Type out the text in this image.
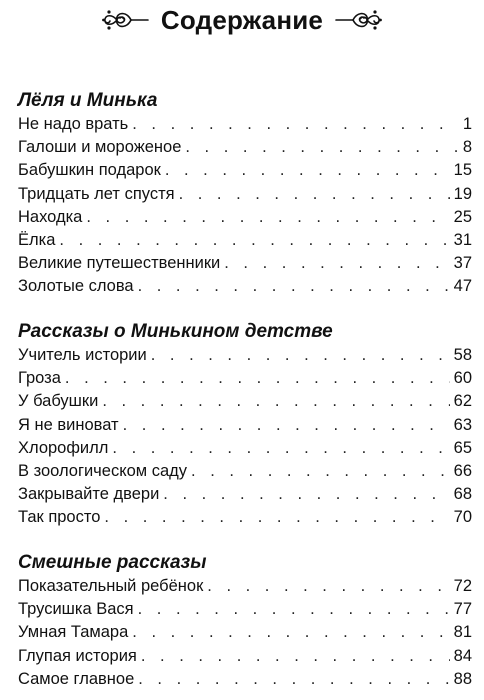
Содержание
Лёля и Минька
Не надо врать . . .	1
Галоши и мороженое . . .	8
Бабушкин подарок . . .	15
Тридцать лет спустя . . .	19
Находка . . .	25
Ёлка . . .	31
Великие путешественники . . .	37
Золотые слова . . .	47
Рассказы о Минькином детстве
Учитель истории . . .	58
Гроза . . .	60
У бабушки . . .	62
Я не виноват . . .	63
Хлорофилл . . .	65
В зоологическом саду . . .	66
Закрывайте двери . . .	68
Так просто . . .	70
Смешные рассказы
Показательный ребёнок . . .	72
Трусишка Вася . . .	77
Умная Тамара . . .	81
Глупая история . . .	84
Самое главное . . .	88
